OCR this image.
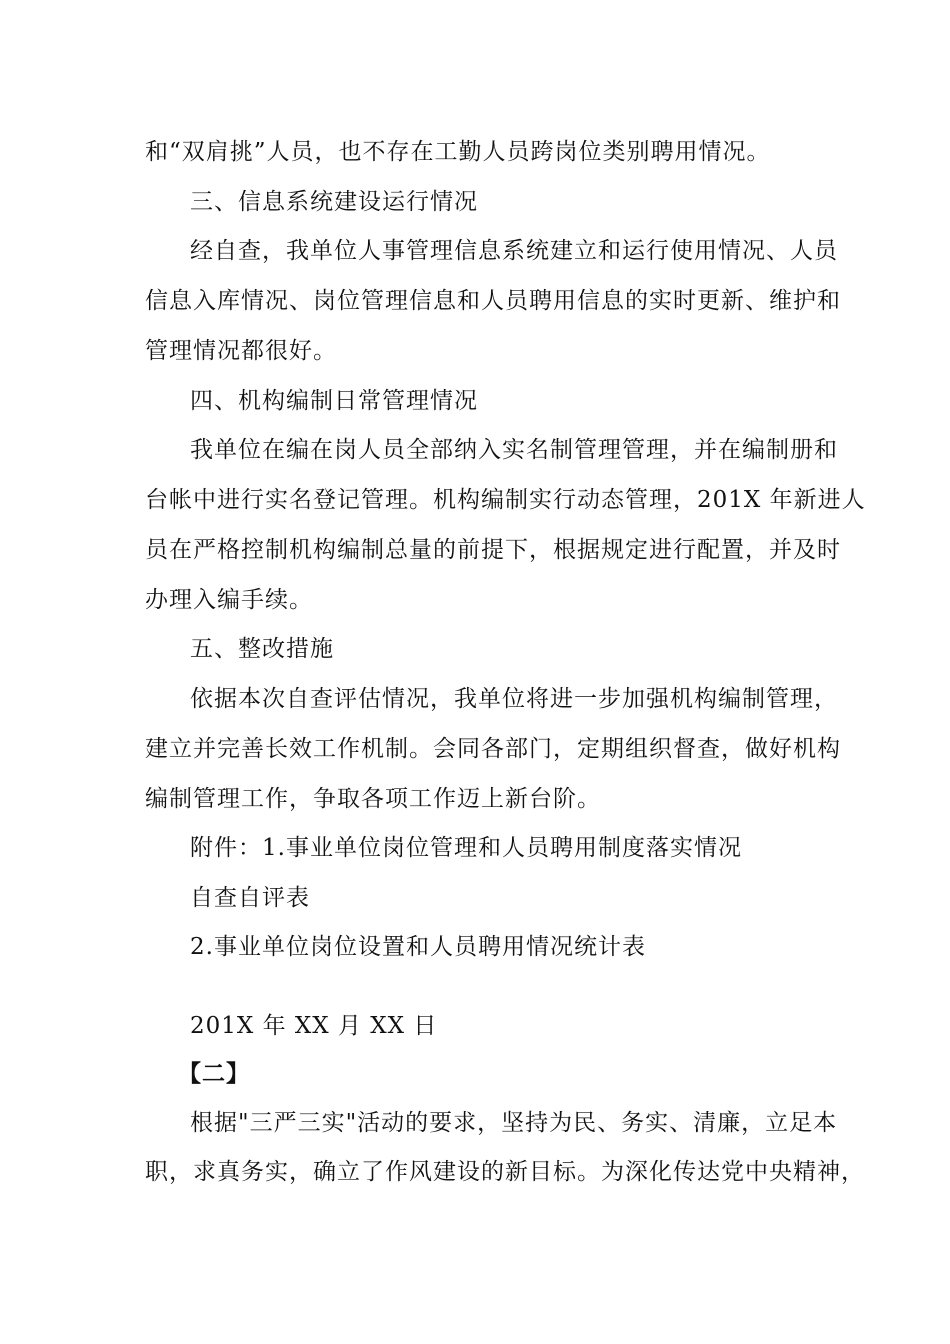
和“双肩挑”人员，也不存在工勤人员跨岗位类别聘用情况。
三、信息系统建设运行情况
经自查，我单位人事管理信息系统建立和运行使用情况、人员
信息入库情况、岗位管理信息和人员聘用信息的实时更新、维护和
管理情况都很好。
四、机构编制日常管理情况
我单位在编在岗人员全部纳入实名制管理管理，并在编制册和
台帐中进行实名登记管理。机构编制实行动态管理，201X 年新进人
员在严格控制机构编制总量的前提下，根据规定进行配置，并及时
办理入编手续。
五、整改措施
依据本次自查评估情况，我单位将进一步加强机构编制管理，
建立并完善长效工作机制。会同各部门，定期组织督查，做好机构
编制管理工作，争取各项工作迈上新台阶。
附件：1.事业单位岗位管理和人员聘用制度落实情况
自查自评表
2.事业单位岗位设置和人员聘用情况统计表
201X 年 XX 月 XX 日
【二】
根据"三严三实"活动的要求，坚持为民、务实、清廉，立足本
职，求真务实，确立了作风建设的新目标。为深化传达党中央精神，
